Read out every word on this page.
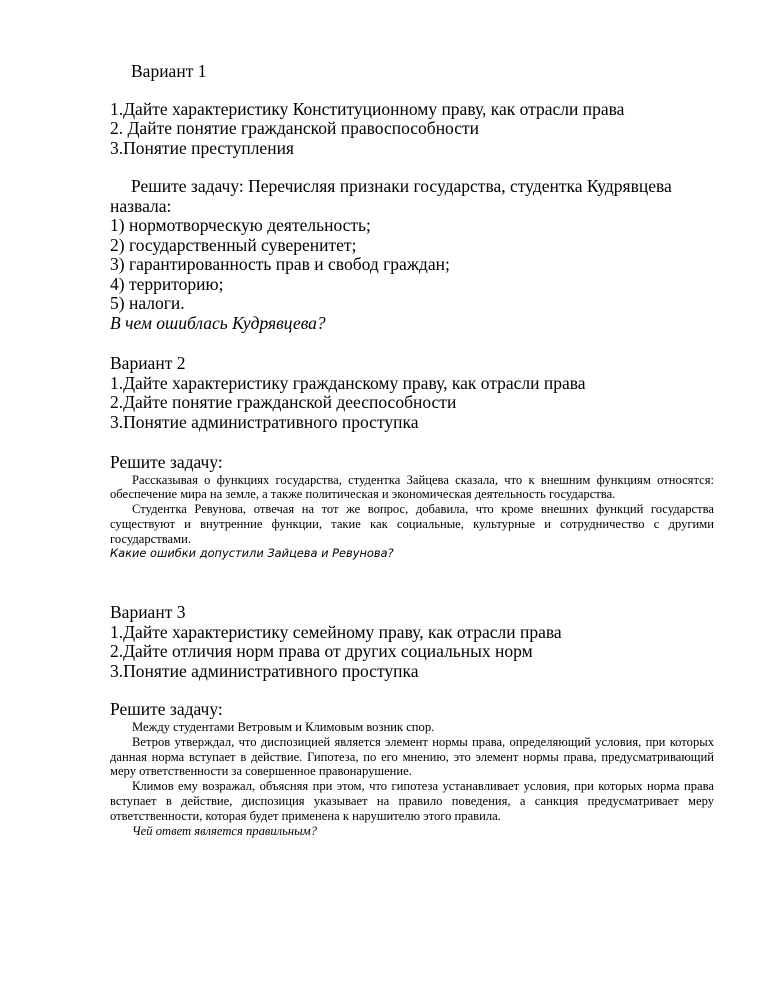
Вариант 1
1.Дайте характеристику Конституционному праву, как отрасли права
2. Дайте понятие гражданской правоспособности
3.Понятие преступления
Решите задачу: Перечисляя признаки государства, студентка Кудрявцева
назвала:
1) нормотворческую деятельность;
2) государственный суверенитет;
3) гарантированность прав и свобод граждан;
4) территорию;
5) налоги.
В чем ошиблась Кудрявцева?
Вариант 2
1.Дайте характеристику гражданскому праву, как отрасли права
2.Дайте понятие гражданской дееспособности
3.Понятие административного проступка
Решите задачу:
Рассказывая о функциях государства, студентка Зайцева сказала, что к внешним функциям относятся: обеспечение мира на земле, а также политическая и экономическая деятельность государства.
Студентка Ревунова, отвечая на тот же вопрос, добавила, что кроме внешних функций государства существуют и внутренние функции, такие как социальные, культурные и сотрудничество с другими государствами.
Какие ошибки допустили Зайцева и Ревунова?
Вариант 3
1.Дайте характеристику семейному праву, как отрасли права
2.Дайте отличия норм права от других социальных норм
3.Понятие административного проступка
Решите задачу:
Между студентами Ветровым и Климовым возник спор.
Ветров утверждал, что диспозицией является элемент нормы права, определяющий условия, при которых данная норма вступает в действие. Гипотеза, по его мнению, это элемент нормы права, предусматривающий меру ответственности за совершенное правонарушение.
Климов ему возражал, объясняя при этом, что гипотеза устанавливает условия, при которых норма права вступает в действие, диспозиция указывает на правило поведения, а санкция предусматривает меру ответственности, которая будет применена к нарушителю этого правила.
Чей ответ является правильным?
